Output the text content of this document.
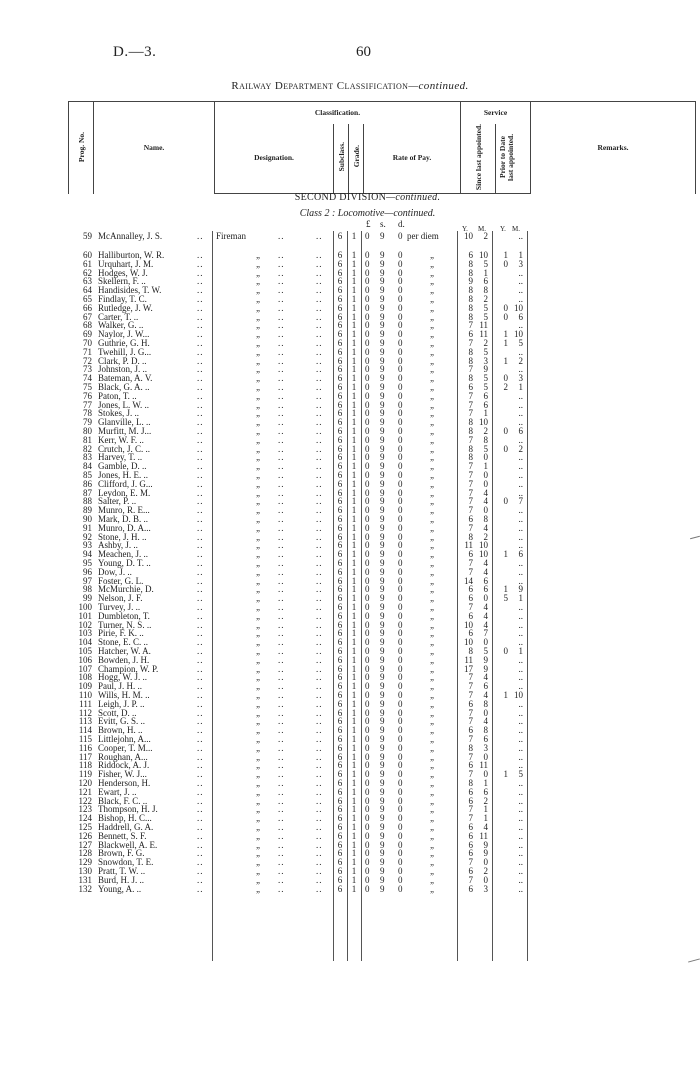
D.—3.	60
Railway Department Classification—continued.
Prog. No.	Name.	Classification.				Service		Remarks.
		Designation.	Subclass.	Grade.	Rate of Pay.	Since last appointed.	Prior to Date last appointed.	

SECOND DIVISION—continued.
Class 2 : Locomotive—continued.
£ s. d.	Y. M. Y. M.
59 McAnnalley, J. S.	.. Fireman	..	.. 6 1 0 9 0 per diem	10	2	..
60 Halliburton, W. R.	..	„ ..	.. 6 1 0 9 0	„	6 10	1	1
61 Urquhart, J. M.	..	„ ..	.. 6 1 0 9 0	„	8	5	0	3
62 Hodges, W. J.	..	„ ..	.. 6 1 0 9 0	„	8	1	..
63 Skellern, F. ..	..	„ ..	.. 6 1 0 9 0	„	9	6	..
64 Handisides, T. W.	..	„ ..	.. 6 1 0 9 0	„	8	8	..
65 Findlay, T. C.	..	„ ..	.. 6 1 0 9 0	„	8	2	..
66 Rutledge, J. W.	..	„ ..	.. 6 1 0 9 0	„	8	5	0 10
67 Carter, T. ..	..	„ ..	.. 6 1 0 9 0	„	8	5	0	6
68 Walker, G. ..	..	„ ..	.. 6 1 0 9 0	„	7 11	..
69 Naylor, J. W...	..	„ ..	.. 6 1 0 9 0	„	6 11	1 10
70 Guthrie, G. H.	..	„ ..	.. 6 1 0 9 0	„	7	2	1	5
71 Twehill, J. G...	..	„ ..	.. 6 1 0 9 0	„	8	5	..
72 Clark, P. D. ..	..	„ ..	.. 6 1 0 9 0	„	8	3	1	2
73 Johnston, J. ..	..	„ ..	.. 6 1 0 9 0	„	7	9	..
74 Bateman, A. V.	..	„ ..	.. 6 1 0 9 0	„	8	5	0	3
75 Black, G. A. ..	..	„ ..	.. 6 1 0 9 0	„	6	5	2	1
76 Paton, T. ..	..	„ ..	.. 6 1 0 9 0	„	7	6	..
77 Jones, L. W. ..	..	„ ..	.. 6 1 0 9 0	„	7	6	..
78 Stokes, J. ..	..	„ ..	.. 6 1 0 9 0	„	7	1	..
79 Glanville, L. ..	..	„ ..	.. 6 1 0 9 0	„	8 10	..
80 Murfitt, M. J...	..	„ ..	.. 6 1 0 9 0	„	8	2	0	6
81 Kerr, W. F. ..	..	„ ..	.. 6 1 0 9 0	„	7	8	..
82 Crutch, J. C. ..	..	„ ..	.. 6 1 0 9 0	„	8	5	0	2
83 Harvey, T. ..	..	„ ..	.. 6 1 0 9 0	„	8	0	..
84 Gamble, D. ..	..	„ ..	.. 6 1 0 9 0	„	7	1	..
85 Jones, H. E. ..	..	„ ..	.. 6 1 0 9 0	„	7	0	..
86 Clifford, J. G...	..	„ ..	.. 6 1 0 9 0	„	7	0	..
87 Leydon, E. M.	..	„ ..	.. 6 1 0 9 0	„	7	4	..
88 Salter, P. ..	..	„ ..	.. 6 1 0 9 0	„	7	4	0	7
89 Munro, R. E...	..	„ ..	.. 6 1 0 9 0	„	7	0	..
90 Mark, D. B. ..	..	„ ..	.. 6 1 0 9 0	„	6	8	..
91 Munro, D. A...	..	„ ..	.. 6 1 0 9 0	„	7	4	..
92 Stone, J. H. ..	..	„ ..	.. 6 1 0 9 0	„	8	2	..
93 Ashby, J. ..	..	„ ..	.. 6 1 0 9 0	„	11 10	..
94 Meachen, J. ..	..	„ ..	.. 6 1 0 9 0	„	6 10	1	6
95 Young, D. T. ..	..	„ ..	.. 6 1 0 9 0	„	7	4	..
96 Dow, J. ..	..	„ ..	.. 6 1 0 9 0	„	7	4	..
97 Foster, G. L.	..	„ ..	.. 6 1 0 9 0	„	14	6	..
98 McMurchie, D.	..	„ ..	.. 6 1 0 9 0	„	6	6	1	9
99 Nelson, J. F.	..	„ ..	.. 6 1 0 9 0	„	6	0	5	1
100 Turvey, J. ..	..	„ ..	.. 6 1 0 9 0	„	7	4	..
101 Dumbleton, T.	..	„ ..	.. 6 1 0 9 0	„	6	4	..
102 Turner, N. S. ..	..	„ ..	.. 6 1 0 9 0	„	10	4	..
103 Pirie, F. K. ..	..	„ ..	.. 6 1 0 9 0	„	6	7	..
104 Stone, E. C. ..	..	„ ..	.. 6 1 0 9 0	„	10	0	..
105 Hatcher, W. A.	..	„ ..	.. 6 1 0 9 0	„	8	5	0	1
106 Bowden, J. H.	..	„ ..	.. 6 1 0 9 0	„	11	9	..
107 Champion, W. P.	..	„ ..	.. 6 1 0 9 0	„	17	9	..
108 Hogg, W. J. ..	..	„ ..	.. 6 1 0 9 0	„	7	4	..
109 Paul, J. H. ..	..	„ ..	.. 6 1 0 9 0	„	7	6	..
110 Wills, H. M. ..	..	„ ..	.. 6 1 0 9 0	„	7	4	1 10
111 Leigh, J. P. ..	..	„ ..	.. 6 1 0 9 0	„	6	8	..
112 Scott, D. ..	..	„ ..	.. 6 1 0 9 0	„	7	0	..
113 Evitt, G. S. ..	..	„ ..	.. 6 1 0 9 0	„	7	4	..
114 Brown, H. ..	..	„ ..	.. 6 1 0 9 0	„	6	8	..
115 Littlejohn, A...	..	„ ..	.. 6 1 0 9 0	„	7	6	..
116 Cooper, T. M...	..	„ ..	.. 6 1 0 9 0	„	8	3	..
117 Roughan, A...	..	„ ..	.. 6 1 0 9 0	„	7	0	..
118 Riddock, A. J.	..	„ ..	.. 6 1 0 9 0	„	6 11	..
119 Fisher, W. J...	..	„ ..	.. 6 1 0 9 0	„	7	0	1	5
120 Henderson, H.	..	„ ..	.. 6 1 0 9 0	„	8	1	..
121 Ewart, J. ..	..	„ ..	.. 6 1 0 9 0	„	6	6	..
122 Black, F. C. ..	..	„ ..	.. 6 1 0 9 0	„	6	2	..
123 Thompson, H. J.	..	„ ..	.. 6 1 0 9 0	„	7	1	..
124 Bishop, H. C...	..	„ ..	.. 6 1 0 9 0	„	7	1	..
125 Haddrell, G. A.	..	„ ..	.. 6 1 0 9 0	„	6	4	..
126 Bennett, S. F.	..	„ ..	.. 6 1 0 9 0	„	6 11	..
127 Blackwell, A. E.	..	„ ..	.. 6 1 0 9 0	„	6	9	..
128 Brown, F. G.	..	„ ..	.. 6 1 0 9 0	„	6	9	..
129 Snowdon, T. E.	..	„ ..	.. 6 1 0 9 0	„	7	0	..
130 Pratt, T. W. ..	..	„ ..	.. 6 1 0 9 0	„	6	2	..
131 Burd, H. J. ..	..	„ ..	.. 6 1 0 9 0	„	7	0	..
132 Young, A. ..	..	„ ..	.. 6 1 0 9 0	„	6	3	..
